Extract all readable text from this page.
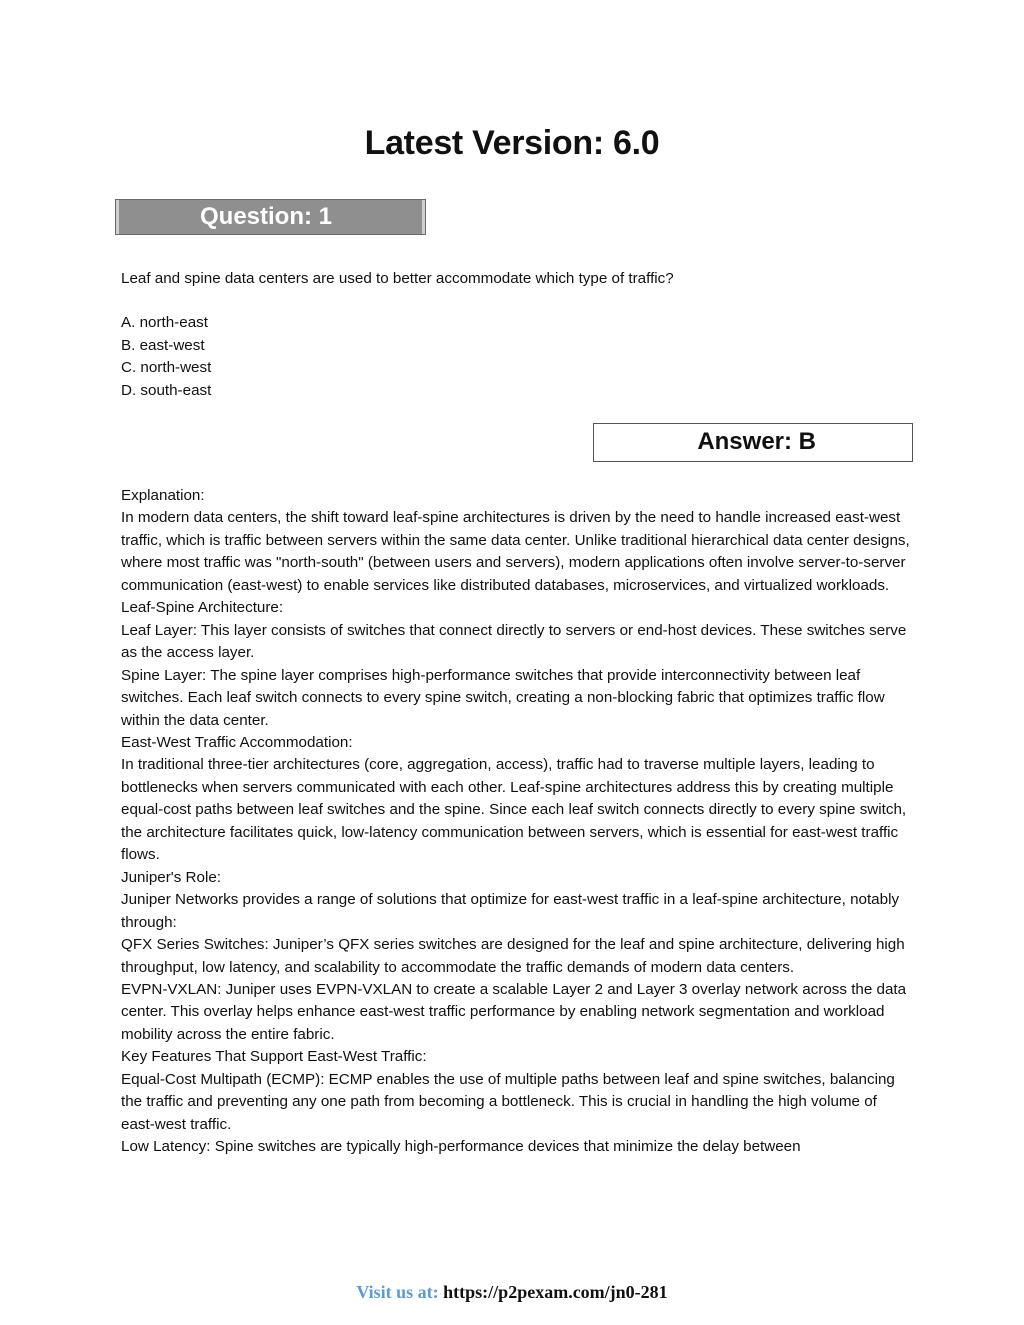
Latest Version: 6.0
Question: 1
Leaf and spine data centers are used to better accommodate which type of traffic?
A. north-east
B. east-west
C. north-west
D. south-east
Answer: B

Explanation:

In modern data centers, the shift toward leaf-spine architectures is driven by the need to handle increased east-west traffic, which is traffic between servers within the same data center. Unlike traditional hierarchical data center designs, where most traffic was "north-south" (between users and servers), modern applications often involve server-to-server communication (east-west) to enable services like distributed databases, microservices, and virtualized workloads.

Leaf-Spine Architecture:

Leaf Layer: This layer consists of switches that connect directly to servers or end-host devices. These switches serve as the access layer.

Spine Layer: The spine layer comprises high-performance switches that provide interconnectivity between leaf switches. Each leaf switch connects to every spine switch, creating a non-blocking fabric that optimizes traffic flow within the data center.

East-West Traffic Accommodation:

In traditional three-tier architectures (core, aggregation, access), traffic had to traverse multiple layers, leading to bottlenecks when servers communicated with each other. Leaf-spine architectures address this by creating multiple equal-cost paths between leaf switches and the spine. Since each leaf switch connects directly to every spine switch, the architecture facilitates quick, low-latency communication between servers, which is essential for east-west traffic flows.

Juniper's Role:

Juniper Networks provides a range of solutions that optimize for east-west traffic in a leaf-spine architecture, notably through:

QFX Series Switches: Juniper’s QFX series switches are designed for the leaf and spine architecture, delivering high throughput, low latency, and scalability to accommodate the traffic demands of modern data centers.

EVPN-VXLAN: Juniper uses EVPN-VXLAN to create a scalable Layer 2 and Layer 3 overlay network across the data center. This overlay helps enhance east-west traffic performance by enabling network segmentation and workload mobility across the entire fabric.

Key Features That Support East-West Traffic:

Equal-Cost Multipath (ECMP): ECMP enables the use of multiple paths between leaf and spine switches, balancing the traffic and preventing any one path from becoming a bottleneck. This is crucial in handling the high volume of east-west traffic.

Low Latency: Spine switches are typically high-performance devices that minimize the delay between

Visit us at: https://p2pexam.com/jn0-281
